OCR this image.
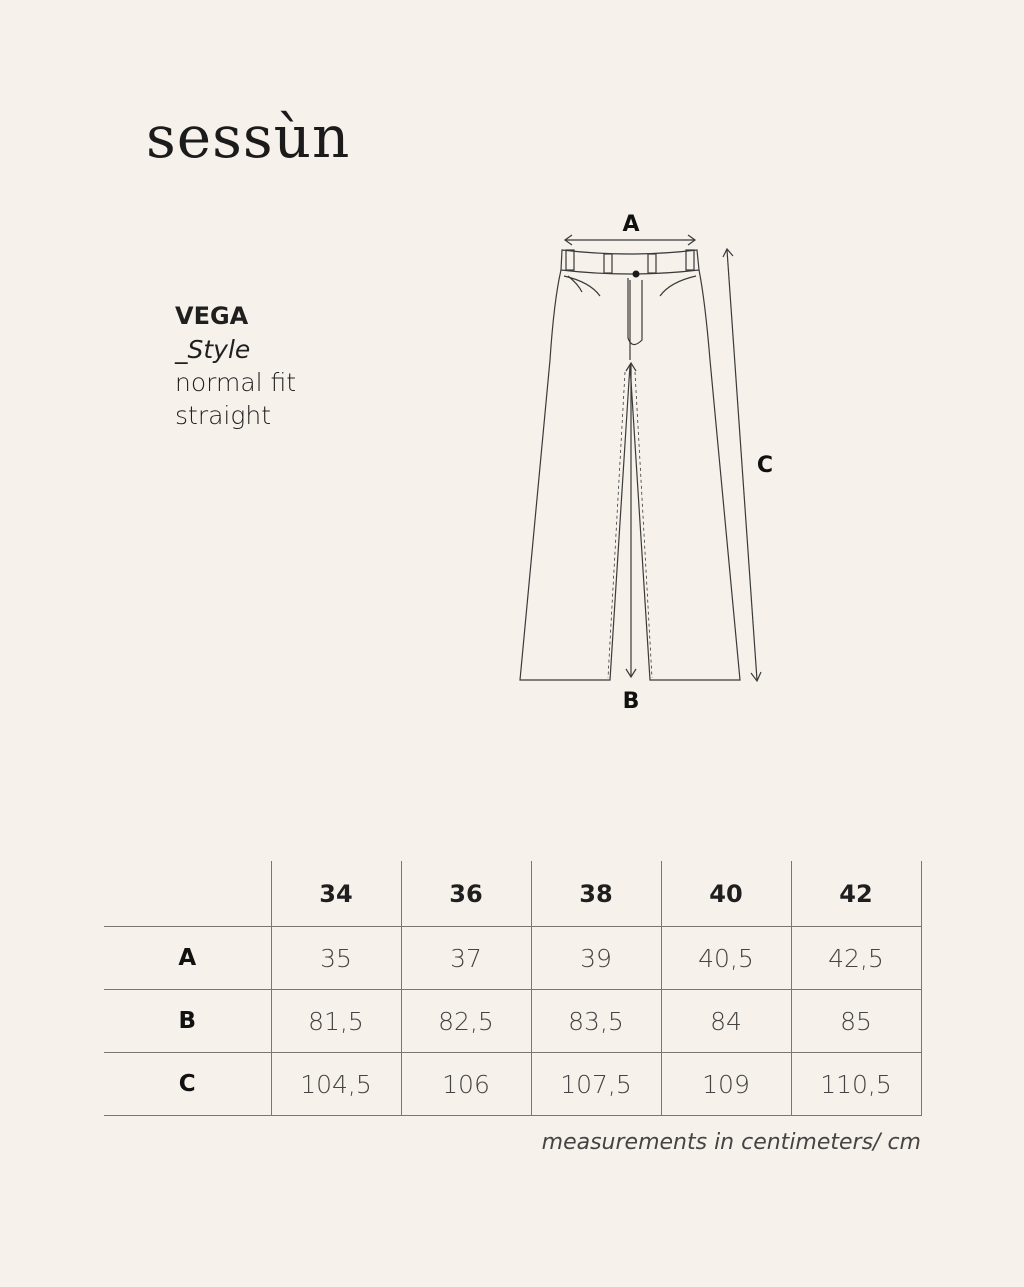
sessùn
VEGA
_Style
normal fit
straight
A
B
C
	34	36	38	40	42
A	35	37	39	40,5	42,5
B	81,5	82,5	83,5	84	85
C	104,5	106	107,5	109	110,5
measurements in centimeters/ cm
